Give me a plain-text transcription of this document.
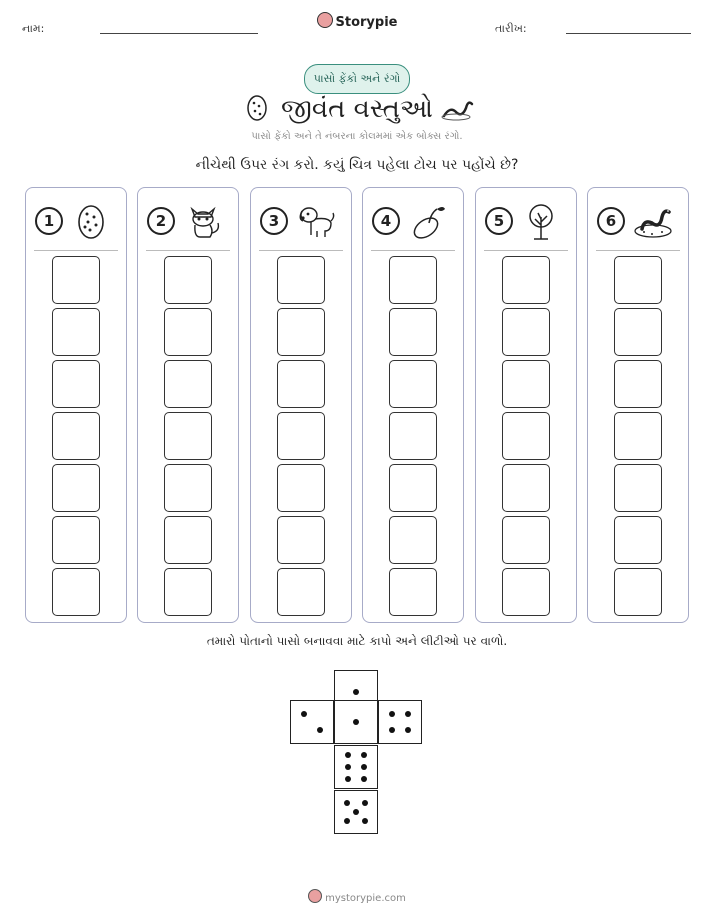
નામ:	Storypie	તારીખ:
પાસો ફેંકો અને રંગો
જીવંત વસ્તુઓ
પાસો ફેંકો અને તે નંબરના કોલમમાં એક બોક્સ રંગો.
નીચેથી ઉપર રંગ કરો. કયું ચિત્ર પહેલા ટોચ પર પહોંચે છે?
1	2	3	4	5	6
તમારો પોતાનો પાસો બનાવવા માટે કાપો અને લીટીઓ પર વાળો.
mystorypie.com
